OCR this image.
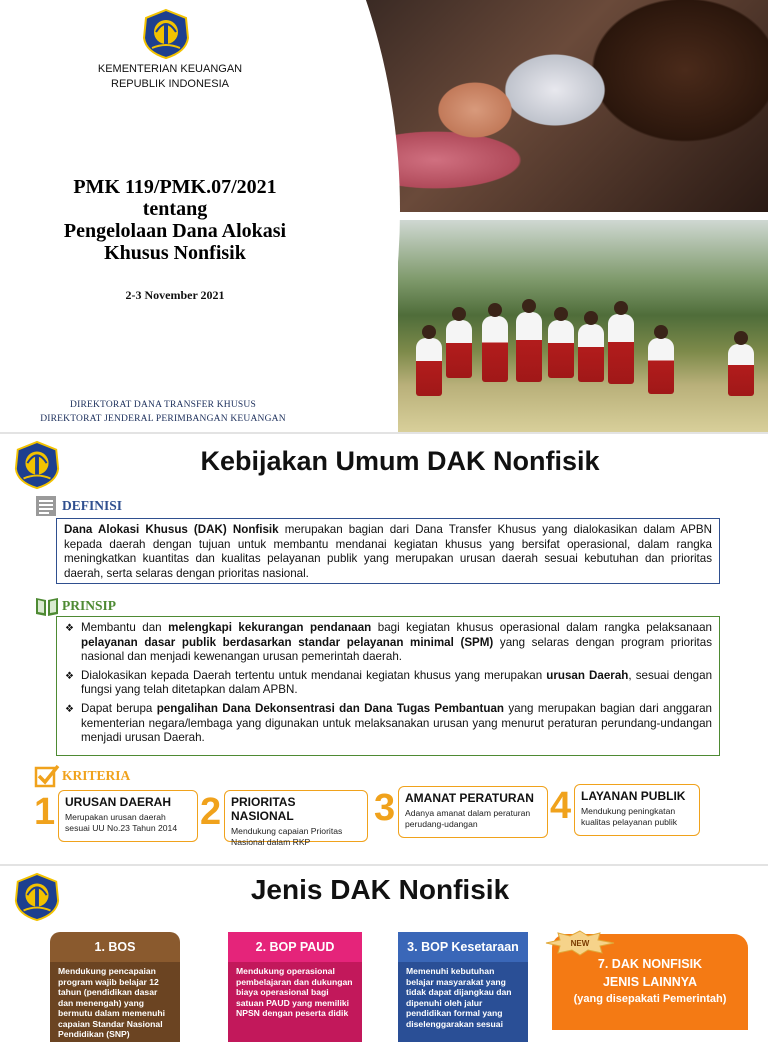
KEMENTERIAN KEUANGAN
REPUBLIK INDONESIA
PMK 119/PMK.07/2021
tentang
Pengelolaan Dana Alokasi
Khusus Nonfisik
2-3 November 2021
DIREKTORAT DANA TRANSFER KHUSUS
DIREKTORAT JENDERAL PERIMBANGAN KEUANGAN
Kebijakan Umum DAK Nonfisik
DEFINISI
Dana Alokasi Khusus (DAK) Nonfisik merupakan bagian dari Dana Transfer Khusus yang dialokasikan dalam APBN kepada daerah dengan tujuan untuk membantu mendanai kegiatan khusus yang bersifat operasional, dalam rangka meningkatkan kuantitas dan kualitas pelayanan publik yang merupakan urusan daerah sesuai kebutuhan dan prioritas daerah, serta selaras dengan prioritas nasional.
PRINSIP
❖ Membantu dan melengkapi kekurangan pendanaan bagi kegiatan khusus operasional dalam rangka pelaksanaan pelayanan dasar publik berdasarkan standar pelayanan minimal (SPM) yang selaras dengan program prioritas nasional dan menjadi kewenangan urusan pemerintah daerah.
❖ Dialokasikan kepada Daerah tertentu untuk mendanai kegiatan khusus yang merupakan urusan Daerah, sesuai dengan fungsi yang telah ditetapkan dalam APBN.
❖ Dapat berupa pengalihan Dana Dekonsentrasi dan Dana Tugas Pembantuan yang merupakan bagian dari anggaran kementerian negara/lembaga yang digunakan untuk melaksanakan urusan yang menurut peraturan perundang-undangan menjadi urusan Daerah.
KRITERIA
1 URUSAN DAERAH
Merupakan urusan daerah sesuai UU No.23 Tahun 2014 2 PRIORITAS NASIONAL
Mendukung capaian Prioritas Nasional dalam RKP
3 AMANAT PERATURAN
Adanya amanat dalam peraturan perudang-udangan	4 LAYANAN PUBLIK
Mendukung peningkatan kualitas pelayanan publik
Jenis DAK Nonfisik
1. BOS
Mendukung pencapaian program wajib belajar 12 tahun (pendidikan dasar dan menengah) yang bermutu dalam memenuhi capaian Standar Nasional Pendidikan (SNP)
2. BOP PAUD
Mendukung operasional pembelajaran dan dukungan biaya operasional bagi satuan PAUD yang memiliki NPSN dengan peserta didik
3. BOP Kesetaraan
Memenuhi kebutuhan belajar masyarakat yang tidak dapat dijangkau dan dipenuhi oleh jalur pendidikan formal yang diselenggarakan sesuai
7. DAK NONFISIK
JENIS LAINNYA
(yang disepakati Pemerintah)
NEW
